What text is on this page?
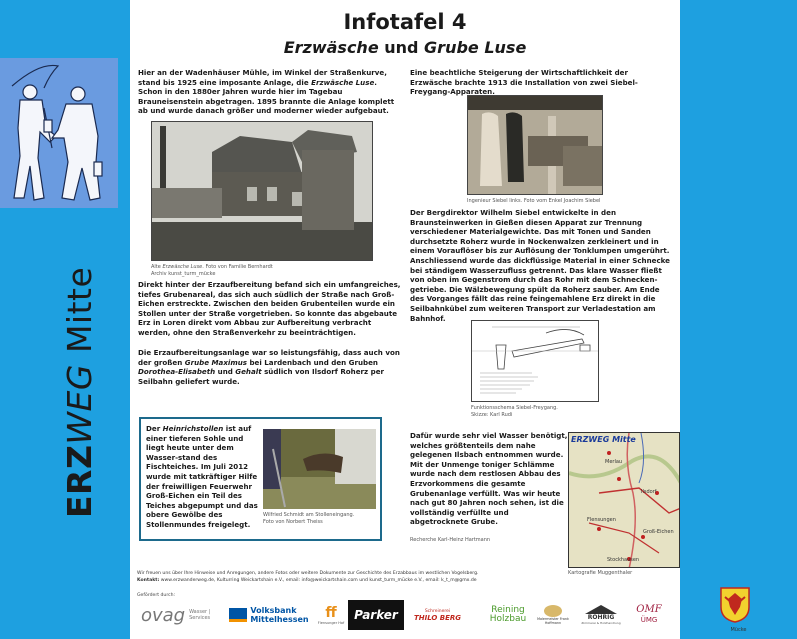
ERZWEG Mitte
Mücke
Infotafel 4
Erzwäsche und Grube Luse
Hier an der Wadenhäuser Mühle, im Winkel der Straßenkurve, stand bis 1925 eine imposante Anlage, die Erzwäsche Luse. Schon in den 1880er Jahren wurde hier im Tagebau Brauneisenstein abgetragen. 1895 brannte die Anlage komplett ab und wurde danach größer und moderner wieder aufgebaut.
Alte Erzwäsche Luse. Foto von Familie Bernhardt
Archiv kunst_turm_mücke
Direkt hinter der Erzaufbereitung befand sich ein umfangreiches, tiefes Grubenareal, das sich auch südlich der Straße nach Groß-Eichen erstreckte. Zwischen den beiden Grubenteilen wurde ein Stollen unter der Straße vorgetrieben. So konnte das abgebaute Erz in Loren direkt vom Abbau zur Aufbereitung verbracht werden, ohne den Straßenverkehr zu beeinträchtigen.
Die Erzaufbereitungsanlage war so leistungsfähig, dass auch von der großen Grube Maximus bei Lardenbach und den Gruben Dorothea-Elisabeth und Gehalt südlich von Ilsdorf Roherz per Seilbahn geliefert wurde.
Der Heinrichstollen ist auf einer tieferen Sohle und liegt heute unter dem Wasser-stand des Fischteiches. Im Juli 2012 wurde mit tatkräftiger Hilfe der freiwilligen Feuerwehr Groß-Eichen ein Teil des Teiches abgepumpt und das obere Gewölbe des Stollenmundes freigelegt.
Wilfried Schmidt am Stolleneingang.
Foto von Norbert Theiss
Eine beachtliche Steigerung der Wirtschaftlichkeit der Erzwäsche brachte 1913 die Installation von zwei Siebel-Freygang-Apparaten.
Ingenieur Siebel links. Foto vom Enkel Joachim Siebel
Der Bergdirektor Wilhelm Siebel entwickelte in den Braunsteinwerken in Gießen diesen Apparat zur Trennung verschiedener Materialgewichte. Das mit Tonen und Sanden durchsetzte Roherz wurde in Nockenwalzen zerkleinert und in einem Vorauflöser bis zur Auflösung der Tonklumpen umgerührt. Anschliessend wurde das dickflüssige Material in einer Schnecke bei ständigem Wasserzufluss getrennt. Das klare Wasser fließt von oben im Gegenstrom durch das Rohr mit dem Schnecken-getriebe. Die Wälzbewegung spült da Roherz sauber. Am Ende des Vorganges fällt das reine feingemahlene Erz direkt in die Seilbahnkübel zum weiteren Transport zur Verladestation am Bahnhof.
Funktionsschema Siebel-Freygang.
Skizze: Karl Rudi
Dafür wurde sehr viel Wasser benötigt, welches größtenteils dem nahe gelegenen Ilsbach entnommen wurde. Mit der Unmenge toniger Schlämme wurde nach dem restlosen Abbau des Erzvorkommens die gesamte Grubenanlage verfüllt. Was wir heute nach gut 80 Jahren noch sehen, ist die vollständig verfüllte und abgetrocknete Grube.
Recherche Karl-Heinz Hartmann
ERZWEG Mitte
Merlau
Ilsdorf
Flensungen
Groß-Eichen
Stockhausen
Kartografie Muggenthaler
Wir freuen uns über Ihre Hinweise und Anregungen, andere Fotos oder weitere Dokumente zur Geschichte des Erzabbaus im westlichen Vogelsberg.
Kontakt: www.erzwanderweg.de, Kulturring Weickartshain e.V., email: info@weickartshain.com und kunst_turm_mücke e.V., email: k_t_m@gmx.de
Gefördert durch:
ovag Wasser | Services
Volksbank
Mittelhessen ff
Flensunger Hof
Parker	Schreinerei
THILO BERG
Reining
Holzbau	Malermeister Frank Hoffmann
RÖHRIG
Zimmerei & Holzhandlung
OMF
ÜMG
